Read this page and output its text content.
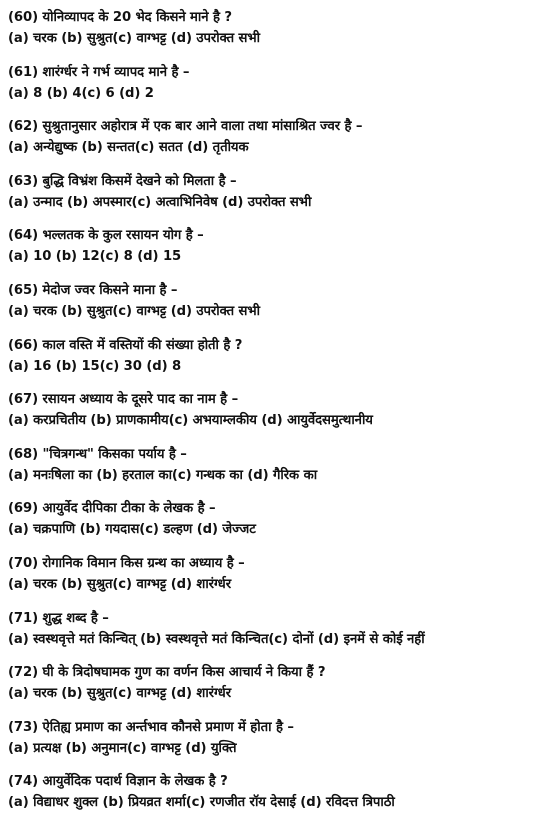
(60) योनिव्यापद के 20 भेद किसने माने है ?
(a) चरक (b) सुश्रुत(c) वाग्भट्ट (d) उपरोक्त सभी
(61) शारंर्ग्धर ने गर्भ व्यापद माने है –
(a) 8 (b) 4(c) 6 (d) 2
(62) सुश्रुतानुसार अहोरात्र में एक बार आने वाला तथा मांसाश्रित ज्वर है –
(a) अन्येद्युष्क (b) सन्तत(c) सतत (d) तृतीयक
(63) बुद्धि विभ्रंश किसमें देखने को मिलता है –
(a) उन्माद (b) अपस्मार(c) अत्वाभिनिवेष (d) उपरोक्त सभी
(64) भल्लतक के कुल रसायन योग है –
(a) 10 (b) 12(c) 8 (d) 15
(65) मेदोज ज्वर किसने माना है –
(a) चरक (b) सुश्रुत(c) वाग्भट्ट (d) उपरोक्त सभी
(66) काल वस्ति में वस्तियों की संख्या होती है ?
(a) 16 (b) 15(c) 30 (d) 8
(67) रसायन अध्याय के दूसरे पाद का नाम है –
(a) करप्रचितीय (b) प्राणकामीय(c) अभयाम्लकीय (d) आयुर्वेदसमुत्थानीय
(68) "चित्रगन्ध" किसका पर्याय है –
(a) मनःषिला का (b) हरताल का(c) गन्धक का (d) गैरिक का
(69) आयुर्वेद दीपिका टीका के लेखक है –
(a) चक्रपाणि (b) गयदास(c) डल्हण (d) जेज्जट
(70) रोगानिक विमान किस ग्रन्थ का अध्याय है –
(a) चरक (b) सुश्रुत(c) वाग्भट्ट (d) शारंर्ग्धर
(71) शुद्ध शब्द है –
(a) स्वस्थवृत्ते मतं किन्चित् (b) स्वस्थवृत्ते मतं किन्चित(c) दोनों (d) इनमें से कोई नहीं
(72) घी के त्रिदोषघामक गुण का वर्णन किस आचार्य ने किया हैं ?
(a) चरक (b) सुश्रुत(c) वाग्भट्ट (d) शारंर्ग्धर
(73) ऐतिह्य प्रमाण का अर्न्तभाव कौनसे प्रमाण में होता है –
(a) प्रत्यक्ष (b) अनुमान(c) वाग्भट्ट (d) युक्ति
(74) आयुर्वेदिक पदार्थ विज्ञान के लेखक है ?
(a) विद्याधर शुक्ल (b) प्रियव्रत शर्मा(c) रणजीत रॉय देसाई (d) रविदत्त त्रिपाठी
